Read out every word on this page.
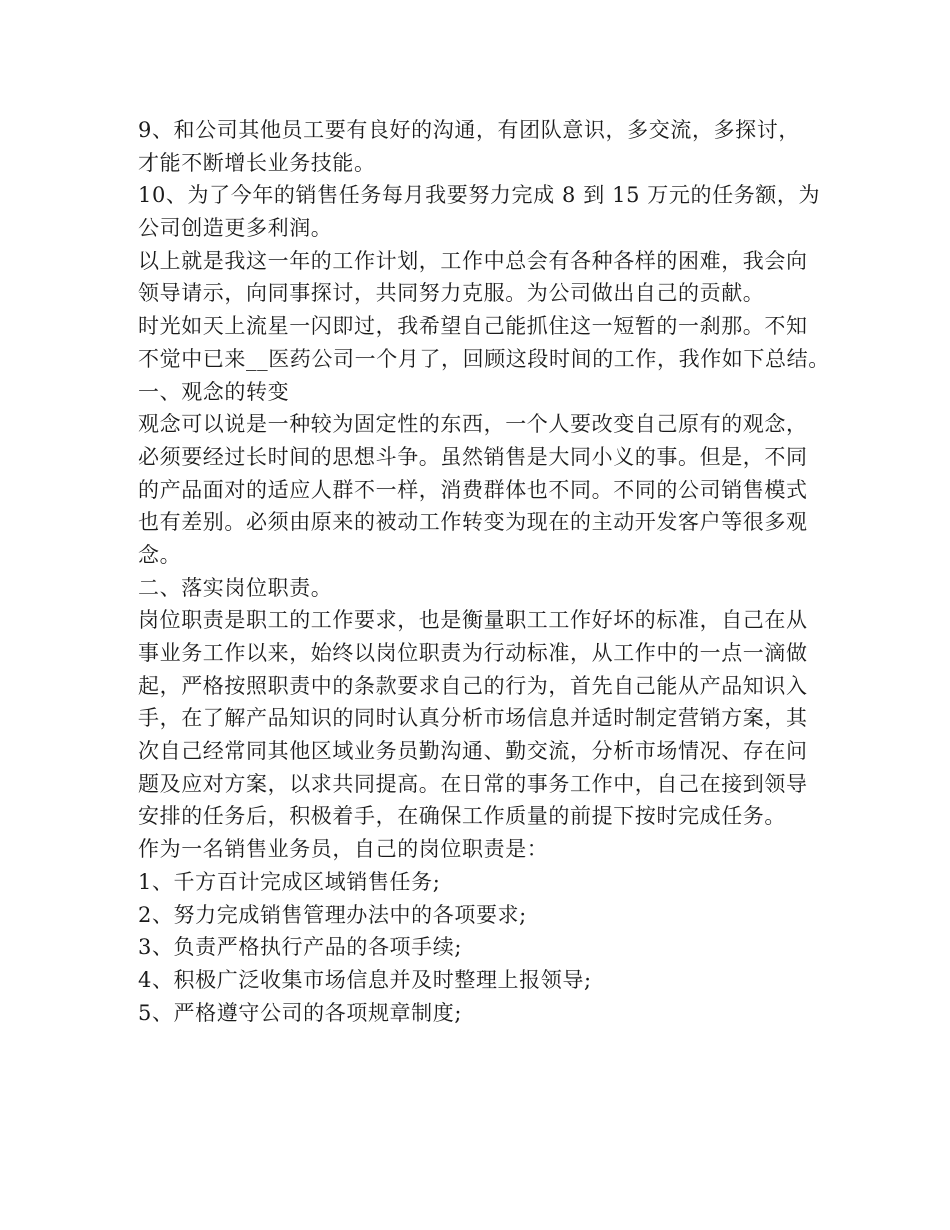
9、和公司其他员工要有良好的沟通，有团队意识，多交流，多探讨，
才能不断增长业务技能。
10、为了今年的销售任务每月我要努力完成 8 到 15 万元的任务额，为
公司创造更多利润。
以上就是我这一年的工作计划，工作中总会有各种各样的困难，我会向
领导请示，向同事探讨，共同努力克服。为公司做出自己的贡献。
时光如天上流星一闪即过，我希望自己能抓住这一短暂的一刹那。不知
不觉中已来__医药公司一个月了，回顾这段时间的工作，我作如下总结。
一、观念的转变
观念可以说是一种较为固定性的东西，一个人要改变自己原有的观念，
必须要经过长时间的思想斗争。虽然销售是大同小义的事。但是，不同
的产品面对的适应人群不一样，消费群体也不同。不同的公司销售模式
也有差别。必须由原来的被动工作转变为现在的主动开发客户等很多观
念。
二、落实岗位职责。
岗位职责是职工的工作要求，也是衡量职工工作好坏的标准，自己在从
事业务工作以来，始终以岗位职责为行动标准，从工作中的一点一滴做
起，严格按照职责中的条款要求自己的行为，首先自己能从产品知识入
手，在了解产品知识的同时认真分析市场信息并适时制定营销方案，其
次自己经常同其他区域业务员勤沟通、勤交流，分析市场情况、存在问
题及应对方案，以求共同提高。在日常的事务工作中，自己在接到领导
安排的任务后，积极着手，在确保工作质量的前提下按时完成任务。
作为一名销售业务员，自己的岗位职责是：
1、千方百计完成区域销售任务;
2、努力完成销售管理办法中的各项要求;
3、负责严格执行产品的各项手续;
4、积极广泛收集市场信息并及时整理上报领导;
5、严格遵守公司的各项规章制度;
